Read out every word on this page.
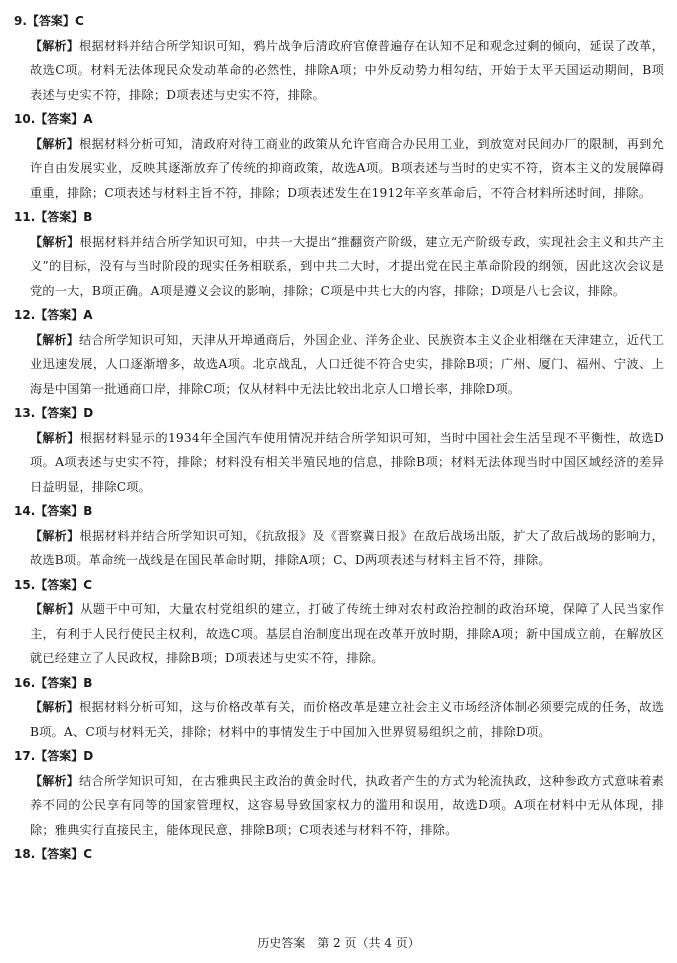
9.【答案】C
【解析】根据材料并结合所学知识可知，鸦片战争后清政府官僚普遍存在认知不足和观念过剩的倾向，延误了改革，故选C项。材料无法体现民众发动革命的必然性，排除A项；中外反动势力相勾结，开始于太平天国运动期间，B项表述与史实不符，排除；D项表述与史实不符，排除。
10.【答案】A
【解析】根据材料分析可知，清政府对待工商业的政策从允许官商合办民用工业，到放宽对民间办厂的限制，再到允许自由发展实业，反映其逐渐放弃了传统的抑商政策，故选A项。B项表述与当时的史实不符，资本主义的发展障碍重重，排除；C项表述与材料主旨不符，排除；D项表述发生在1912年辛亥革命后，不符合材料所述时间，排除。
11.【答案】B
【解析】根据材料并结合所学知识可知，中共一大提出“推翻资产阶级，建立无产阶级专政，实现社会主义和共产主义”的目标，没有与当时阶段的现实任务相联系，到中共二大时，才提出党在民主革命阶段的纲领，因此这次会议是党的一大，B项正确。A项是遵义会议的影响，排除；C项是中共七大的内容，排除；D项是八七会议，排除。
12.【答案】A
【解析】结合所学知识可知，天津从开埠通商后，外国企业、洋务企业、民族资本主义企业相继在天津建立，近代工业迅速发展，人口逐渐增多，故选A项。北京战乱，人口迁徙不符合史实，排除B项；广州、厦门、福州、宁波、上海是中国第一批通商口岸，排除C项；仅从材料中无法比较出北京人口增长率，排除D项。
13.【答案】D
【解析】根据材料显示的1934年全国汽车使用情况并结合所学知识可知，当时中国社会生活呈现不平衡性，故选D项。A项表述与史实不符，排除；材料没有相关半殖民地的信息，排除B项；材料无法体现当时中国区域经济的差异日益明显，排除C项。
14.【答案】B
【解析】根据材料并结合所学知识可知，《抗敌报》及《晋察冀日报》在敌后战场出版，扩大了敌后战场的影响力，故选B项。革命统一战线是在国民革命时期，排除A项；C、D两项表述与材料主旨不符，排除。
15.【答案】C
【解析】从题干中可知，大量农村党组织的建立，打破了传统士绅对农村政治控制的政治环境，保障了人民当家作主，有利于人民行使民主权利，故选C项。基层自治制度出现在改革开放时期，排除A项；新中国成立前，在解放区就已经建立了人民政权，排除B项；D项表述与史实不符，排除。
16.【答案】B
【解析】根据材料分析可知，这与价格改革有关，而价格改革是建立社会主义市场经济体制必须要完成的任务，故选B项。A、C项与材料无关，排除；材料中的事情发生于中国加入世界贸易组织之前，排除D项。
17.【答案】D
【解析】结合所学知识可知，在古雅典民主政治的黄金时代，执政者产生的方式为轮流执政，这种参政方式意味着素养不同的公民享有同等的国家管理权，这容易导致国家权力的滥用和误用，故选D项。A项在材料中无从体现，排除；雅典实行直接民主，能体现民意，排除B项；C项表述与材料不符，排除。
18.【答案】C
历史答案　第 2 页（共 4 页）
